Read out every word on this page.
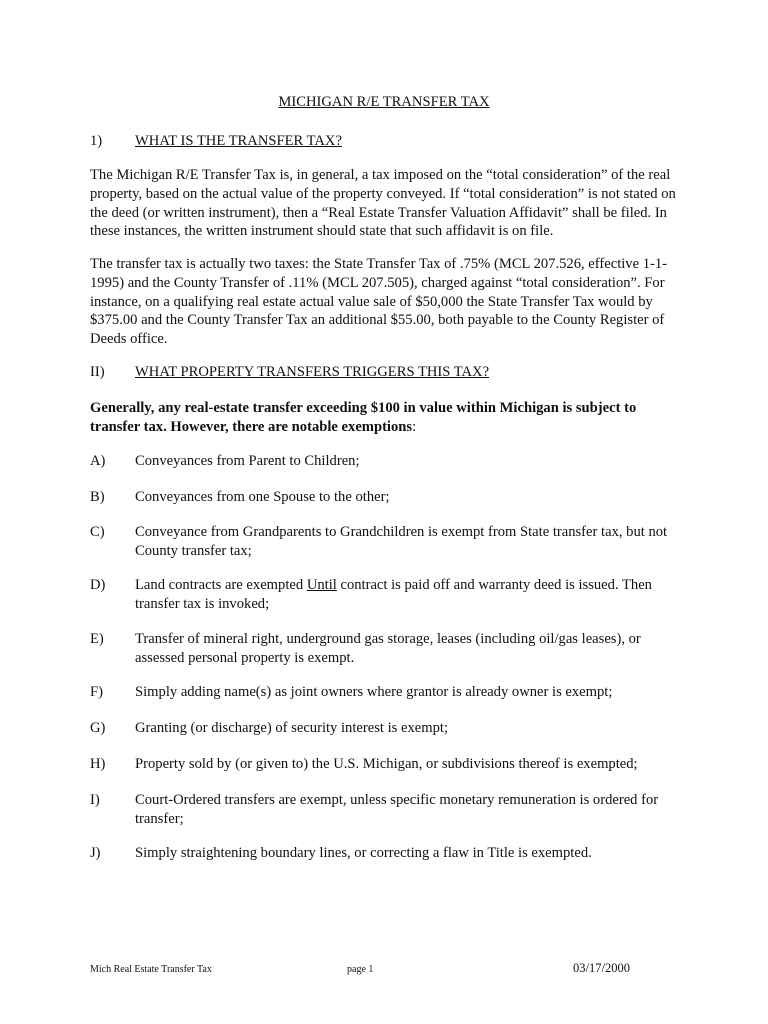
MICHIGAN R/E TRANSFER TAX
1) WHAT IS THE TRANSFER TAX?

The Michigan R/E Transfer Tax is, in general, a tax imposed on the “total consideration” of the real property, based on the actual value of the property conveyed. If “total consideration” is not stated on the deed (or written instrument), then a “Real Estate Transfer Valuation Affidavit” shall be filed. In these instances, the written instrument should state that such affidavit is on file.

The transfer tax is actually two taxes: the State Transfer Tax of .75% (MCL 207.526, effective 1-1-1995) and the County Transfer of .11% (MCL 207.505), charged against “total consideration”. For instance, on a qualifying real estate actual value sale of $50,000 the State Transfer Tax would by $375.00 and the County Transfer Tax an additional $55.00, both payable to the County Register of Deeds office.

II) WHAT PROPERTY TRANSFERS TRIGGERS THIS TAX?

Generally, any real-estate transfer exceeding $100 in value within Michigan is subject to transfer tax. However, there are notable exemptions:

A) Conveyances from Parent to Children;
B) Conveyances from one Spouse to the other;
C) Conveyance from Grandparents to Grandchildren is exempt from State transfer tax, but not County transfer tax;
D) Land contracts are exempted Until contract is paid off and warranty deed is issued. Then transfer tax is invoked;
E) Transfer of mineral right, underground gas storage, leases (including oil/gas leases), or assessed personal property is exempt.
F) Simply adding name(s) as joint owners where grantor is already owner is exempt;
G) Granting (or discharge) of security interest is exempt;
H) Property sold by (or given to) the U.S. Michigan, or subdivisions thereof is exempted;
I) Court-Ordered transfers are exempt, unless specific monetary remuneration is ordered for transfer;
J) Simply straightening boundary lines, or correcting a flaw in Title is exempted.
Mich Real Estate Transfer Tax	page 1	03/17/2000
